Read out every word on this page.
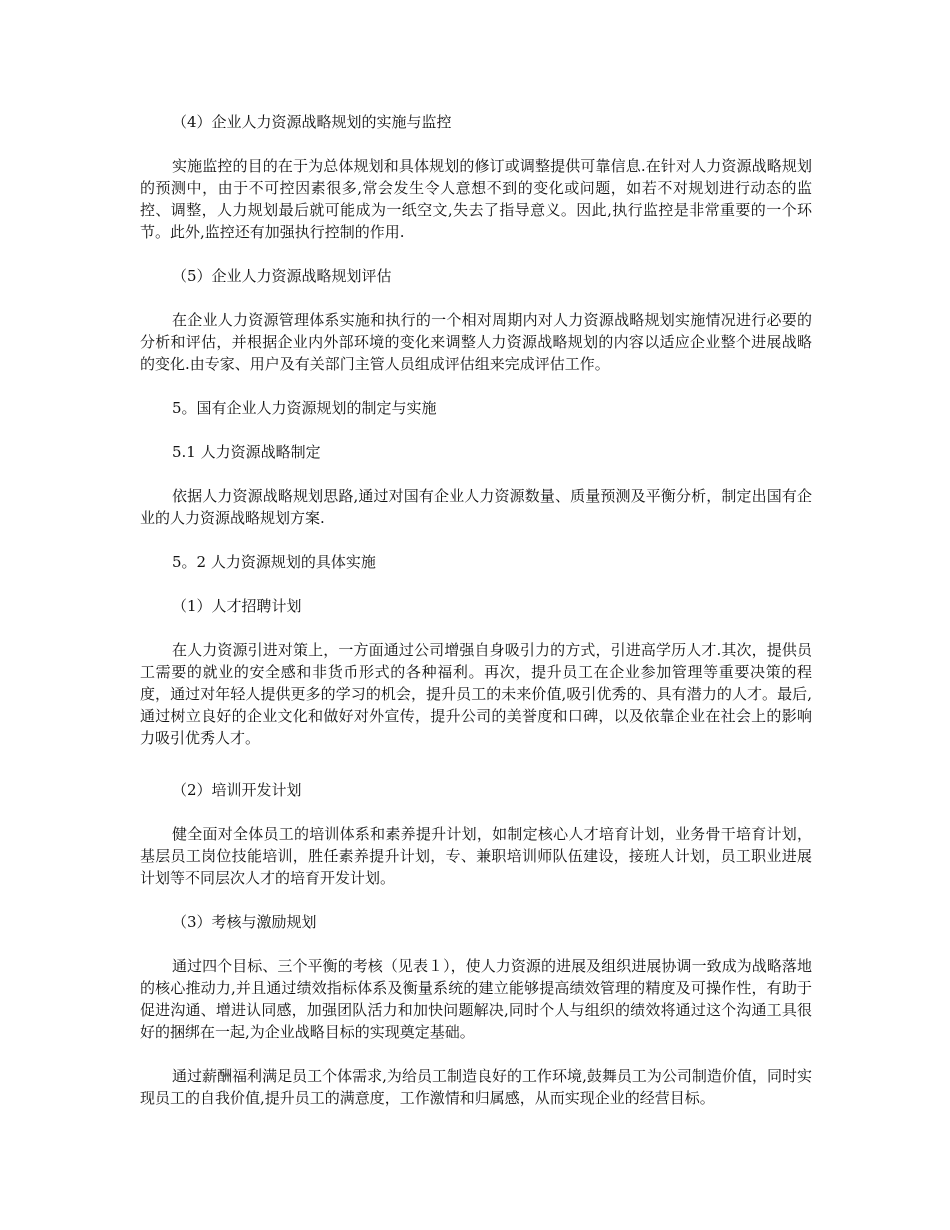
（4）企业人力资源战略规划的实施与监控

实施监控的目的在于为总体规划和具体规划的修订或调整提供可靠信息.在针对人力资源战略规划的预测中，由于不可控因素很多,常会发生令人意想不到的变化或问题，如若不对规划进行动态的监控、调整，人力规划最后就可能成为一纸空文,失去了指导意义。因此,执行监控是非常重要的一个环节。此外,监控还有加强执行控制的作用.

（5）企业人力资源战略规划评估

在企业人力资源管理体系实施和执行的一个相对周期内对人力资源战略规划实施情况进行必要的分析和评估，并根据企业内外部环境的变化来调整人力资源战略规划的内容以适应企业整个进展战略的变化.由专家、用户及有关部门主管人员组成评估组来完成评估工作。

5。国有企业人力资源规划的制定与实施

5.1 人力资源战略制定

依据人力资源战略规划思路,通过对国有企业人力资源数量、质量预测及平衡分析，制定出国有企业的人力资源战略规划方案.

5。2 人力资源规划的具体实施

（1）人才招聘计划

在人力资源引进对策上，一方面通过公司增强自身吸引力的方式，引进高学历人才.其次，提供员工需要的就业的安全感和非货币形式的各种福利。再次，提升员工在企业参加管理等重要决策的程度，通过对年轻人提供更多的学习的机会，提升员工的未来价值,吸引优秀的、具有潜力的人才。最后,通过树立良好的企业文化和做好对外宣传，提升公司的美誉度和口碑，以及依靠企业在社会上的影响力吸引优秀人才。

（2）培训开发计划

健全面对全体员工的培训体系和素养提升计划，如制定核心人才培育计划，业务骨干培育计划，基层员工岗位技能培训，胜任素养提升计划，专、兼职培训师队伍建设，接班人计划，员工职业进展计划等不同层次人才的培育开发计划。

（3）考核与激励规划

通过四个目标、三个平衡的考核（见表１），使人力资源的进展及组织进展协调一致成为战略落地的核心推动力,并且通过绩效指标体系及衡量系统的建立能够提高绩效管理的精度及可操作性，有助于促进沟通、增进认同感，加强团队活力和加快问题解决,同时个人与组织的绩效将通过这个沟通工具很好的捆绑在一起,为企业战略目标的实现奠定基础。

通过薪酬福利满足员工个体需求,为给员工制造良好的工作环境,鼓舞员工为公司制造价值，同时实现员工的自我价值,提升员工的满意度，工作激情和归属感，从而实现企业的经营目标。
